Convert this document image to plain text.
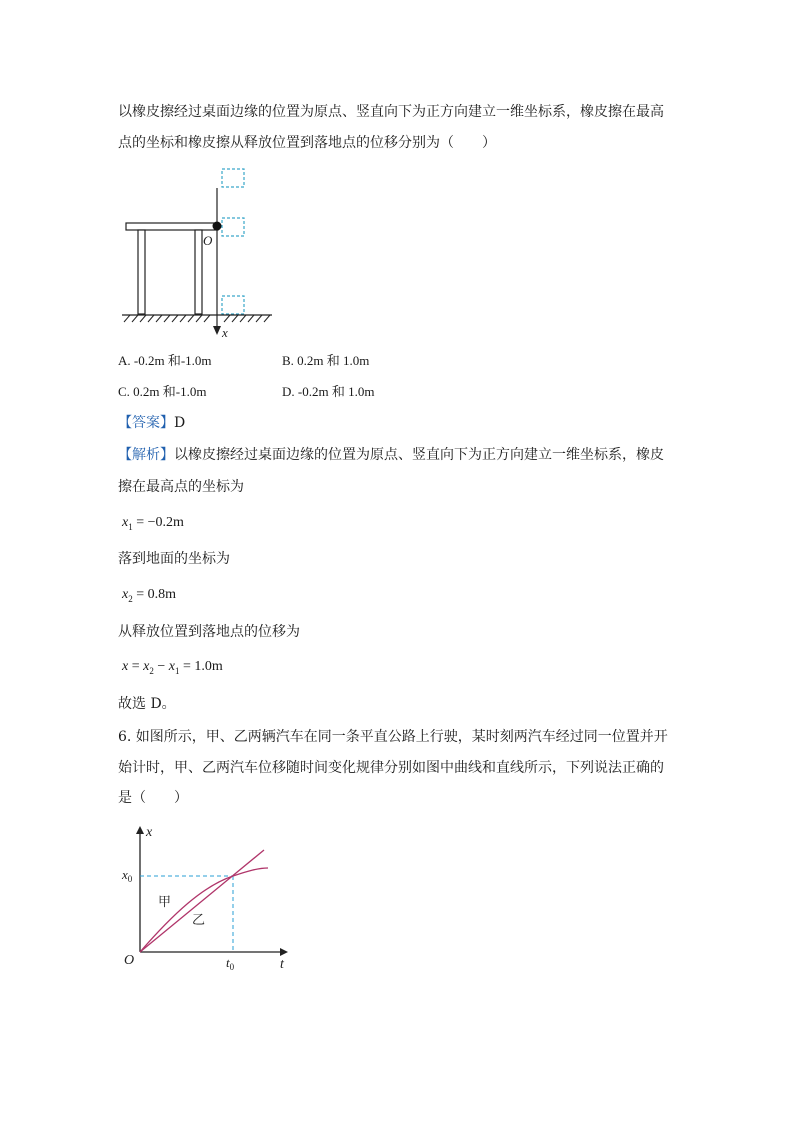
以橡皮擦经过桌面边缘的位置为原点、竖直向下为正方向建立一维坐标系，橡皮擦在最高
点的坐标和橡皮擦从释放位置到落地点的位移分别为（　　）
O
x
A. -0.2m 和-1.0m	B. 0.2m 和 1.0m
C. 0.2m 和-1.0m	D. -0.2m 和 1.0m
【答案】D
【解析】以橡皮擦经过桌面边缘的位置为原点、竖直向下为正方向建立一维坐标系，橡皮
擦在最高点的坐标为
$x_1 = -0.2m$
落到地面的坐标为
$x_2 = 0.8m$
从释放位置到落地点的位移为
$x = x_2 - x_1 = 1.0m$
故选 D。
6. 如图所示，甲、乙两辆汽车在同一条平直公路上行驶，某时刻两汽车经过同一位置并开
始计时，甲、乙两汽车位移随时间变化规律分别如图中曲线和直线所示，下列说法正确的
是（　　）
x
t
O
$x_0$
$t_0$
甲
乙
